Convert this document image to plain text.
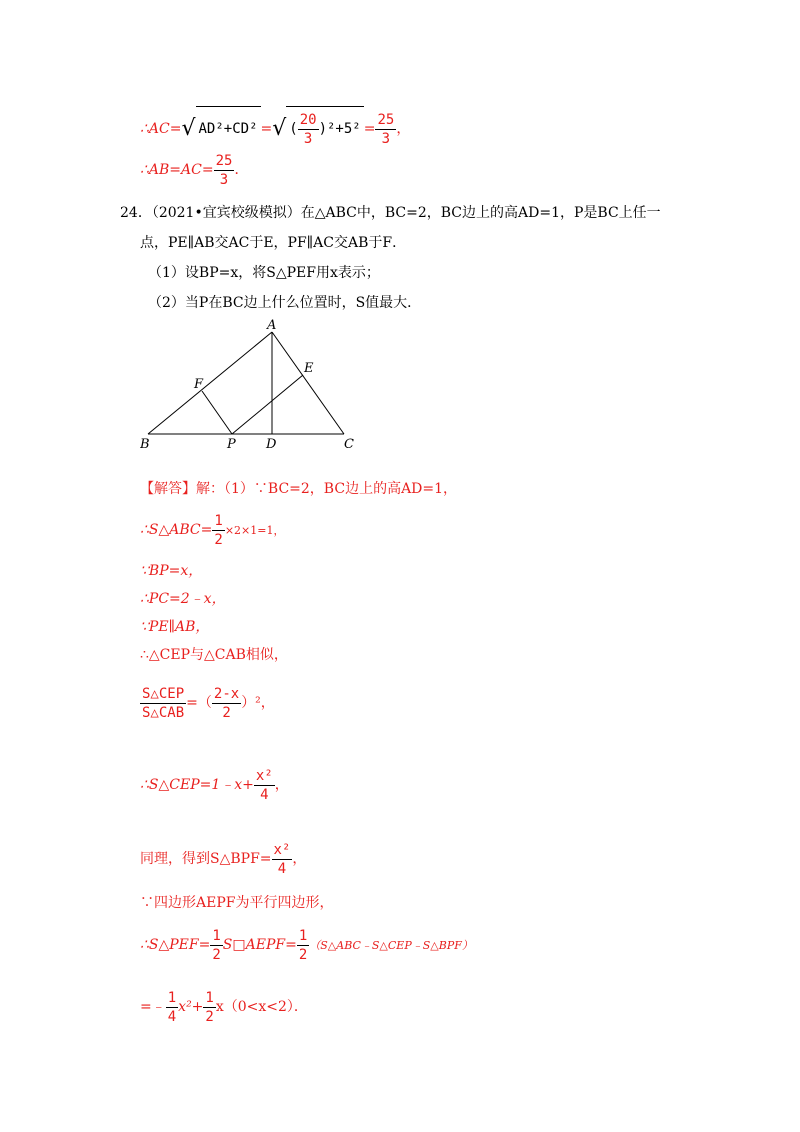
∴AC=√ AD²+CD² =√ ( $\frac{20}{3} )^2+5^2 = \frac{25}{3}$ ，
∴AB=AC= $\frac{25}{3}$ ．
24．（2021•宜宾校级模拟）在△ABC中，BC=2，BC边上的高AD=1，P是BC上任一
点，PE∥AB交AC于E，PF∥AC交AB于F．
（1）设BP=x，将S△PEF用x表示；
（2）当P在BC边上什么位置时，S值最大．
A
B	C
D
E
F
P
【解答】解：（1）∵BC=2，BC边上的高AD=1，
∴S△ABC= $\frac{1}{2} \times 2\times 1=1$，
∵BP=x，
∴PC=2﹣x，
∵PE∥AB，
∴△CEP与△CAB相似，
$\frac{\text{S△CEP}}{\text{S△CAB}}$ =（ $\frac{2-x}{2} )^2$，
∴S△CEP=1﹣x+ $\frac{\text{x²}}{4}$ ，
同理，得到S△BPF= $\frac{\text{x²}}{4}$ ，
∵四边形AEPF为平行四边形，
∴S△PEF= $\frac{1}{2}$ S□AEPF= $\frac{1}{2}$ （S△ABC﹣S△CEP﹣S△BPF）
=﹣ $\frac{1}{4} x^2+ \frac{1}{2} x(0<x<2)$．
